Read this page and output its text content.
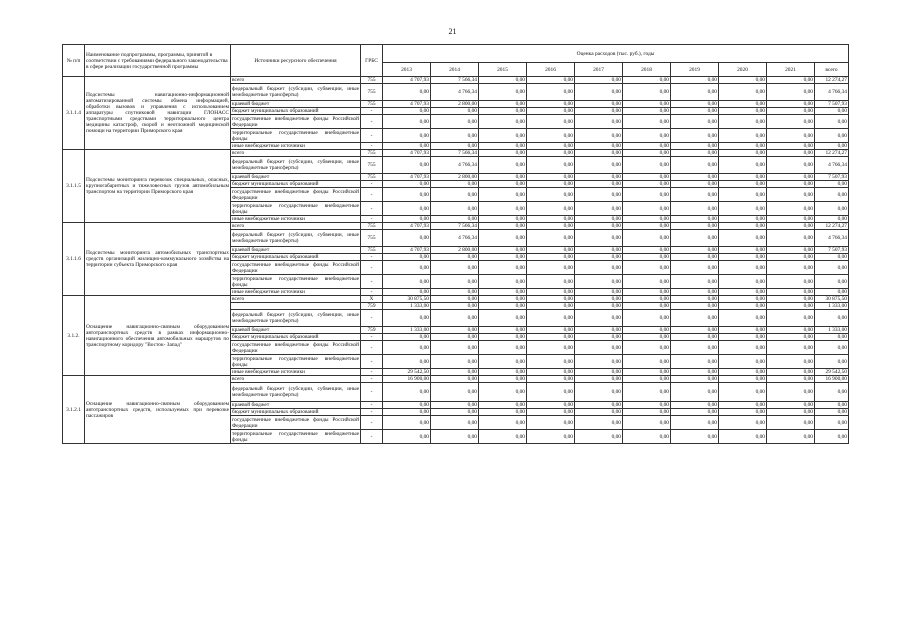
21
№ п/п	Наименование подпрограммы, программы, принятой в соответствии с требованиями федерального законодательства в сфере реализации государственной программы	Источники ресурсного обеспечения	ГРБС	Оценка расходов (тыс. руб.), годы									
				2013	2014	2015	2016	2017	2018	2019	2020	2021	всего
3.1.1.4	Подсистемы навигационно-информационной автоматизированной системы обмена информацией, обработки вызовов и управления с использованием аппаратуры спутниковой навигации ГЛОНАСС транспортными средствами территориального центра медицины катастроф, скорой и неотложной медицинской помощи на территории Приморского края	всего	755	4 707,93	7 566,34	0,00	0,00	0,00	0,00	0,00	0,00	0,00	12 274,27
		федеральный бюджет (субсидии, субвенции, иные межбюджетные трансферты)	755	0,00	4 766,34	0,00	0,00	0,00	0,00	0,00	0,00	0,00	4 766,34
		краевой бюджет	755	4 707,93	2 800,00	0,00	0,00	0,00	0,00	0,00	0,00	0,00	7 507,93
		бюджет муниципальных образований	-	0,00	0,00	0,00	0,00	0,00	0,00	0,00	0,00	0,00	0,00
		государственные внебюджетные фонды Российской Федерации	-	0,00	0,00	0,00	0,00	0,00	0,00	0,00	0,00	0,00	0,00
		территориальные государственные внебюджетные фонды	-	0,00	0,00	0,00	0,00	0,00	0,00	0,00	0,00	0,00	0,00
		иные внебюджетные источники	-	0,00	0,00	0,00	0,00	0,00	0,00	0,00	0,00	0,00	0,00
3.1.1.5	Подсистемы мониторинга перевозок специальных, опасных, крупногабаритных и тяжеловесных грузов автомобильным транспортом на территории Приморского края	всего	755	4 707,93	7 566,34	0,00	0,00	0,00	0,00	0,00	0,00	0,00	12 274,27
		федеральный бюджет (субсидии, субвенции, иные межбюджетные трансферты)	755	0,00	4 766,34	0,00	0,00	0,00	0,00	0,00	0,00	0,00	4 766,34
		краевой бюджет	755	4 707,93	2 800,00	0,00	0,00	0,00	0,00	0,00	0,00	0,00	7 507,93
		бюджет муниципальных образований	-	0,00	0,00	0,00	0,00	0,00	0,00	0,00	0,00	0,00	0,00
		государственные внебюджетные фонды Российской Федерации	-	0,00	0,00	0,00	0,00	0,00	0,00	0,00	0,00	0,00	0,00
		территориальные государственные внебюджетные фонды	-	0,00	0,00	0,00	0,00	0,00	0,00	0,00	0,00	0,00	0,00
		иные внебюджетные источники	-	0,00	0,00	0,00	0,00	0,00	0,00	0,00	0,00	0,00	0,00
3.1.1.6	Подсистемы мониторинга автомобильных транспортных средств организаций жилищно-коммунального хозяйства на территории субъекта Приморского края	всего	755	4 707,93	7 566,34	0,00	0,00	0,00	0,00	0,00	0,00	0,00	12 274,27
		федеральный бюджет (субсидии, субвенции, иные межбюджетные трансферты)	755	0,00	4 766,34	0,00	0,00	0,00	0,00	0,00	0,00	0,00	4 766,34
		краевой бюджет	755	4 707,93	2 800,00	0,00	0,00	0,00	0,00	0,00	0,00	0,00	7 507,93
		бюджет муниципальных образований	-	0,00	0,00	0,00	0,00	0,00	0,00	0,00	0,00	0,00	0,00
		государственные внебюджетные фонды Российской Федерации	-	0,00	0,00	0,00	0,00	0,00	0,00	0,00	0,00	0,00	0,00
		территориальные государственные внебюджетные фонды	-	0,00	0,00	0,00	0,00	0,00	0,00	0,00	0,00	0,00	0,00
		иные внебюджетные источники	-	0,00	0,00	0,00	0,00	0,00	0,00	0,00	0,00	0,00	0,00
3.1.2.	Оснащение навигационно-связным оборудованием автотранспортных средств в рамках информационно-навигационного обеспечения автомобильных маршрутов по транспортному коридору "Восток- Запад"	всего	X	30 875,50	0,00	0,00	0,00	0,00	0,00	0,00	0,00	0,00	30 875,50
			759	1 333,00	0,00	0,00	0,00	0,00	0,00	0,00	0,00	0,00	1 333,00
		федеральный бюджет (субсидии, субвенции, иные межбюджетные трансферты)	-	0,00	0,00	0,00	0,00	0,00	0,00	0,00	0,00	0,00	0,00
		краевой бюджет	759	1 333,00	0,00	0,00	0,00	0,00	0,00	0,00	0,00	0,00	1 333,00
		бюджет муниципальных образований	-	0,00	0,00	0,00	0,00	0,00	0,00	0,00	0,00	0,00	0,00
		государственные внебюджетные фонды Российской Федерации	-	0,00	0,00	0,00	0,00	0,00	0,00	0,00	0,00	0,00	0,00
		территориальные государственные внебюджетные фонды	-	0,00	0,00	0,00	0,00	0,00	0,00	0,00	0,00	0,00	0,00
		иные внебюджетные источники	-	29 542,50	0,00	0,00	0,00	0,00	0,00	0,00	0,00	0,00	29 542,50
3.1.2.1	Оснащение навигационно-связным оборудованием автотранспортных средств, используемых при перевозке пассажиров	всего	-	16 900,00	0,00	0,00	0,00	0,00	0,00	0,00	0,00	0,00	16 900,00
		федеральный бюджет (субсидии, субвенции, иные межбюджетные трансферты)	-	0,00	0,00	0,00	0,00	0,00	0,00	0,00	0,00	0,00	0,00
		краевой бюджет	-	0,00	0,00	0,00	0,00	0,00	0,00	0,00	0,00	0,00	0,00
		бюджет муниципальных образований	-	0,00	0,00	0,00	0,00	0,00	0,00	0,00	0,00	0,00	0,00
		государственные внебюджетные фонды Российской Федерации	-	0,00	0,00	0,00	0,00	0,00	0,00	0,00	0,00	0,00	0,00
		территориальные государственные внебюджетные фонды	-	0,00	0,00	0,00	0,00	0,00	0,00	0,00	0,00	0,00	0,00
